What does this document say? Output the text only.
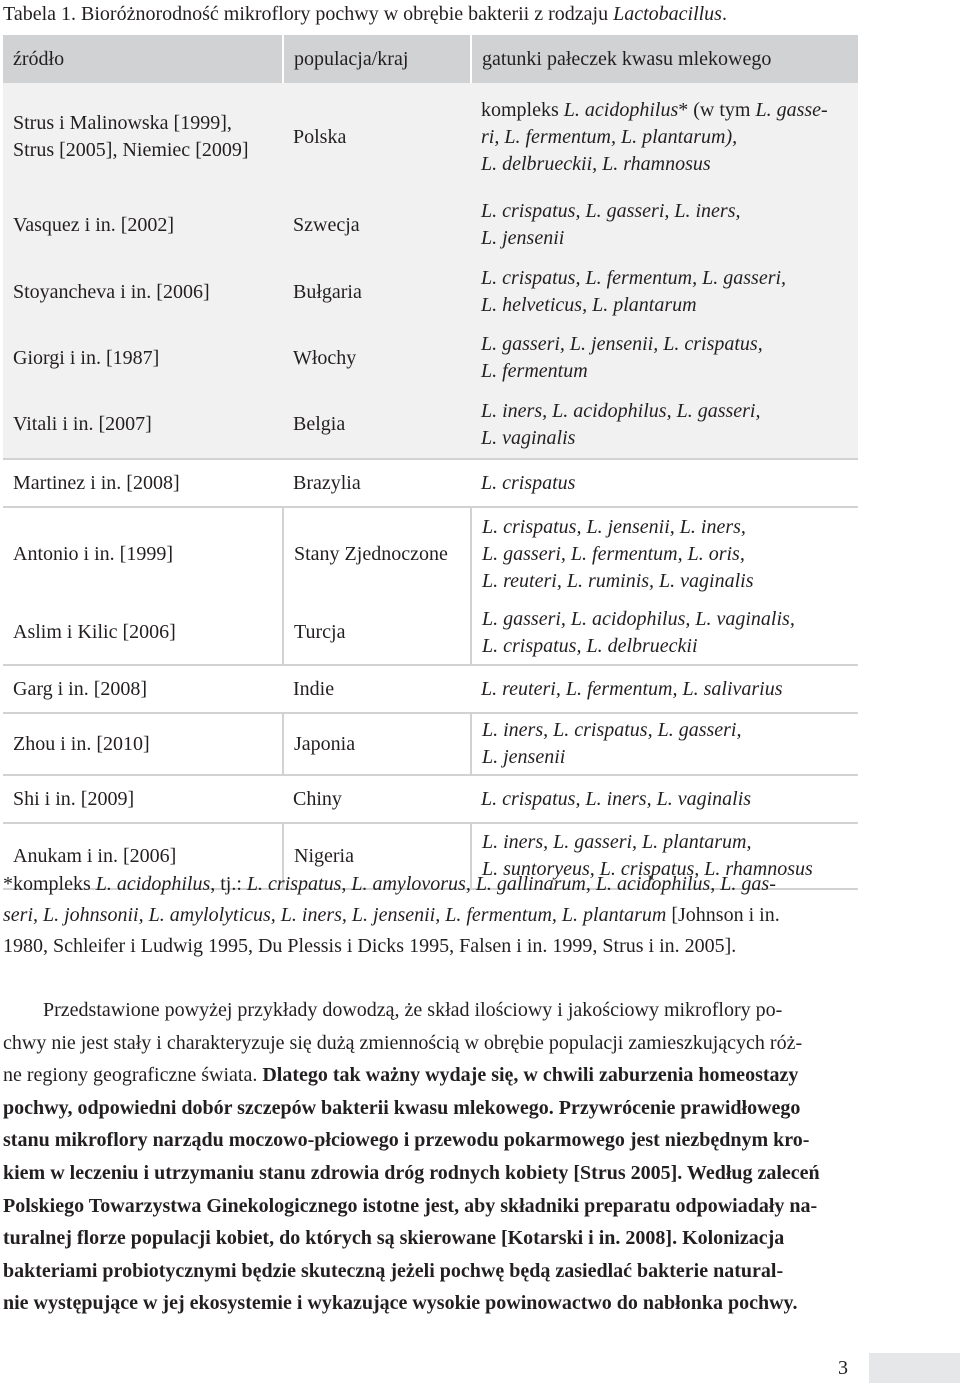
Tabela 1. Bioróżnorodność mikroflory pochwy w obrębie bakterii z rodzaju Lactobacillus.
źródło	populacja/kraj	gatunki pałeczek kwasu mlekowego

Strus i Malinowska [1999],
Strus [2005], Niemiec [2009]	Polska	kompleks L. acidophilus* (w tym L. gasse-
ri, L. fermentum, L. plantarum),
L. delbrueckii, L. rhamnosus

Vasquez i in. [2002]	Szwecja	L. crispatus, L. gasseri, L. iners,
L. jensenii

Stoyancheva i in. [2006]	Bułgaria	L. crispatus, L. fermentum, L. gasseri,
L. helveticus, L. plantarum

Giorgi i in. [1987]	Włochy	L. gasseri, L. jensenii, L. crispatus,
L. fermentum

Vitali i in. [2007]	Belgia	L. iners, L. acidophilus, L. gasseri,
L. vaginalis

Martinez i in. [2008]	Brazylia	L. crispatus

Antonio i in. [1999]	Stany Zjednoczone	L. crispatus, L. jensenii, L. iners,
L. gasseri, L. fermentum, L. oris,
L. reuteri, L. ruminis, L. vaginalis

Aslim i Kilic [2006]	Turcja	L. gasseri, L. acidophilus, L. vaginalis,
L. crispatus, L. delbrueckii

Garg i in. [2008]	Indie	L. reuteri, L. fermentum, L. salivarius

Zhou i in. [2010]	Japonia	L. iners, L. crispatus, L. gasseri,
L. jensenii

Shi i in. [2009]	Chiny	L. crispatus, L. iners, L. vaginalis

Anukam i in. [2006]	Nigeria	L. iners, L. gasseri, L. plantarum,
L. suntoryeus, L. crispatus, L. rhamnosus
*kompleks L. acidophilus, tj.: L. crispatus, L. amylovorus, L. gallinarum, L. acidophilus, L. gas-
seri, L. johnsonii, L. amylolyticus, L. iners, L. jensenii, L. fermentum, L. plantarum [Johnson i in.
1980, Schleifer i Ludwig 1995, Du Plessis i Dicks 1995, Falsen i in. 1999, Strus i in. 2005].
Przedstawione powyżej przykłady dowodzą, że skład ilościowy i jakościowy mikroflory po-
chwy nie jest stały i charakteryzuje się dużą zmiennością w obrębie populacji zamieszkujących róż-
ne regiony geograficzne świata. Dlatego tak ważny wydaje się, w chwili zaburzenia homeostazy
pochwy, odpowiedni dobór szczepów bakterii kwasu mlekowego. Przywrócenie prawidłowego
stanu mikroflory narządu moczowo-płciowego i przewodu pokarmowego jest niezbędnym kro-
kiem w leczeniu i utrzymaniu stanu zdrowia dróg rodnych kobiety [Strus 2005]. Według zaleceń
Polskiego Towarzystwa Ginekologicznego istotne jest, aby składniki preparatu odpowiadały na-
turalnej florze populacji kobiet, do których są skierowane [Kotarski i in. 2008]. Kolonizacja
bakteriami probiotycznymi będzie skuteczną jeżeli pochwę będą zasiedlać bakterie natural-
nie występujące w jej ekosystemie i wykazujące wysokie powinowactwo do nabłonka pochwy.
3
